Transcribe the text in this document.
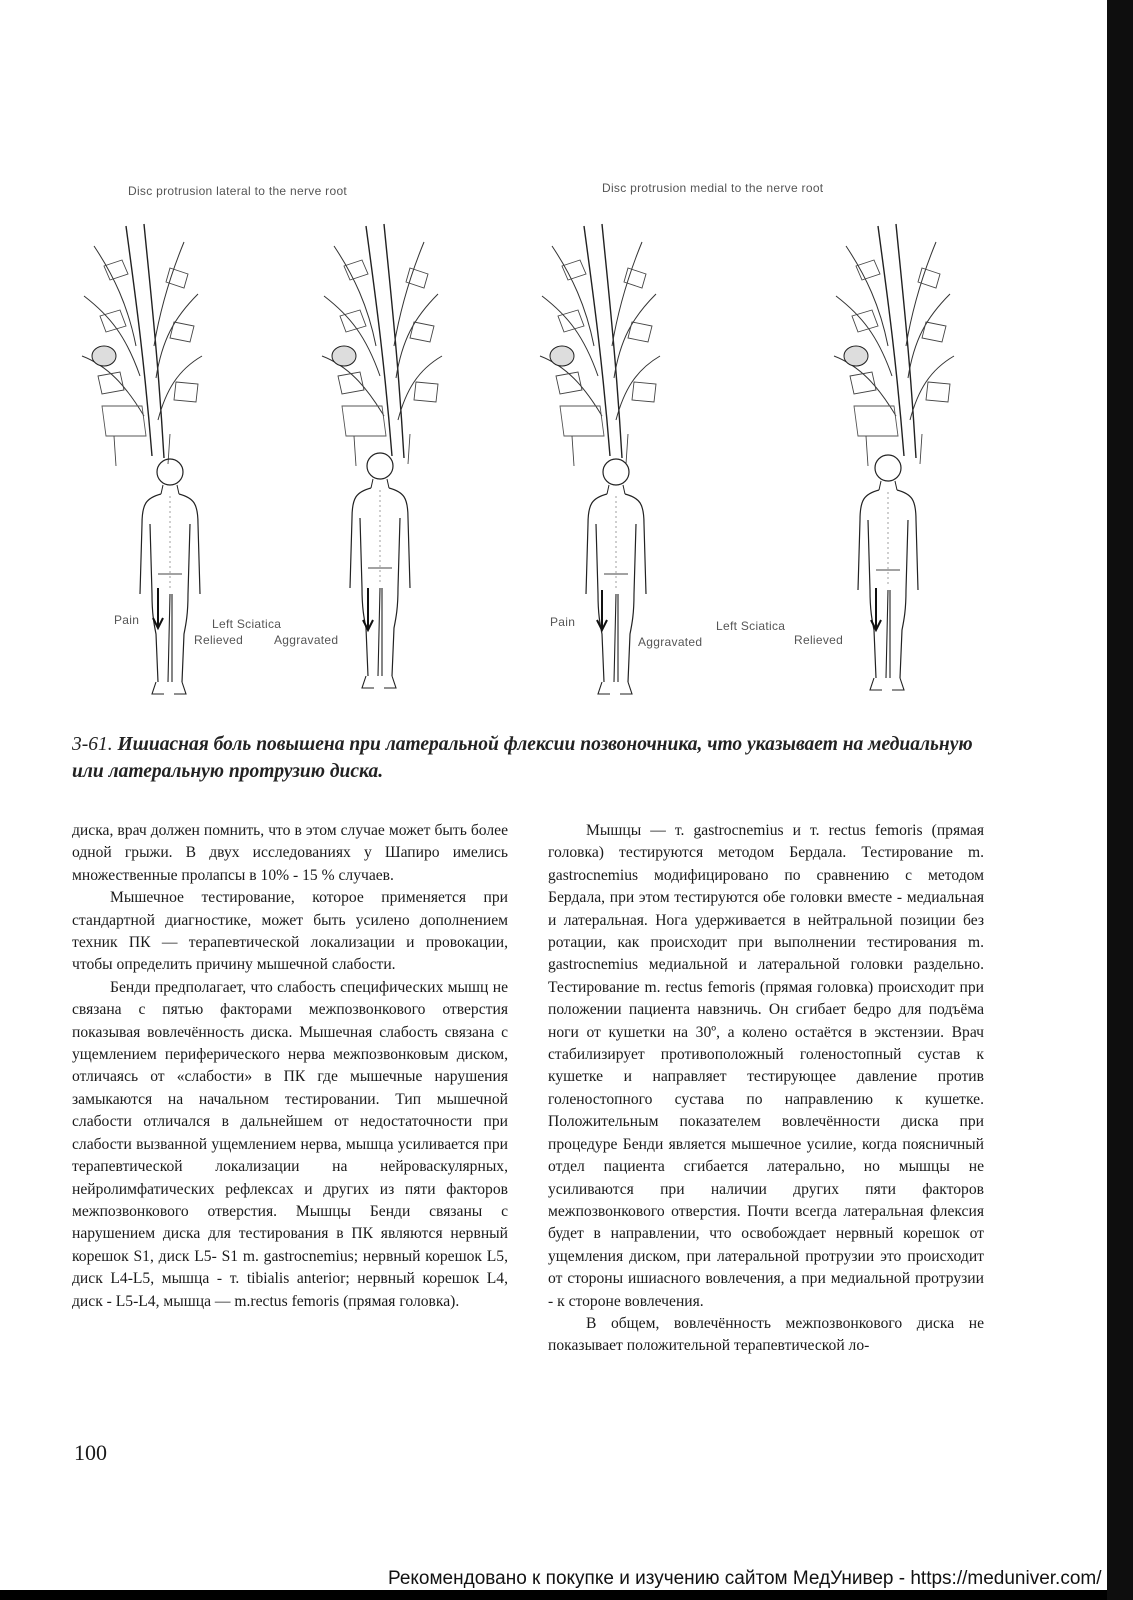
Disc protrusion lateral to the nerve root	Disc protrusion medial to the nerve root
Pain	Left Sciatica
Relieved	Aggravated
Pain	Left Sciatica
Aggravated	Relieved
3-61. Ишиасная боль повышена при латеральной флексии позвоночника, что указывает на медиальную или латеральную протрузию диска.

диска, врач должен помнить, что в этом случае может быть более одной грыжи. В двух исследованиях у Шапиро имелись множественные пролапсы в 10% - 15 % случаев.

Мышечное тестирование, которое применяется при стандартной диагностике, может быть усилено дополнением техник ПК — терапевтической локализации и провокации, чтобы определить причину мышечной слабости.

Бенди предполагает, что слабость специфических мышц не связана с пятью факторами межпозвонкового отверстия показывая вовлечённость диска. Мышечная слабость связана с ущемлением периферического нерва межпозвонковым диском, отличаясь от «слабости» в ПК где мышечные нарушения замыкаются на начальном тестировании. Тип мышечной слабости отличался в дальнейшем от недостаточности при слабости вызванной ущемлением нерва, мышца усиливается при терапевтической локализации на нейроваскулярных, нейролимфатических рефлексах и других из пяти факторов межпозвонкового отверстия. Мышцы Бенди связаны с нарушением диска для тестирования в ПК являются нервный корешок S1, диск L5- S1 m. gastrocnemius; нервный корешок L5, диск L4-L5, мышца - т. tibialis anterior; нервный корешок L4, диск - L5-L4, мышца — m.rectus femoris (прямая головка).

Мышцы — т. gastrocnemius и т. rectus femoris (прямая головка) тестируются методом Бердала. Тестирование m. gastrocnemius модифицировано по сравнению с методом Бердала, при этом тестируются обе головки вместе - медиальная и латеральная. Нога удерживается в нейтральной позиции без ротации, как происходит при выполнении тестирования m. gastrocnemius медиальной и латеральной головки раздельно. Тестирование m. rectus femoris (прямая головка) происходит при положении пациента навзничь. Он сгибает бедро для подъёма ноги от кушетки на 30º, а колено остаётся в экстензии. Врач стабилизирует противоположный голеностопный сустав к кушетке и направляет тестирующее давление против голеностопного сустава по направлению к кушетке. Положительным показателем вовлечённости диска при процедуре Бенди является мышечное усилие, когда поясничный отдел пациента сгибается латерально, но мышцы не усиливаются при наличии других пяти факторов межпозвонкового отверстия. Почти всегда латеральная флексия будет в направлении, что освобождает нервный корешок от ущемления диском, при латеральной протрузии это происходит от стороны ишиасного вовлечения, а при медиальной протрузии - к стороне вовлечения.

В общем, вовлечённость межпозвонкового диска не показывает положительной терапевтической ло-

100
Рекомендовано к покупке и изучению сайтом МедУнивер - https://meduniver.com/
